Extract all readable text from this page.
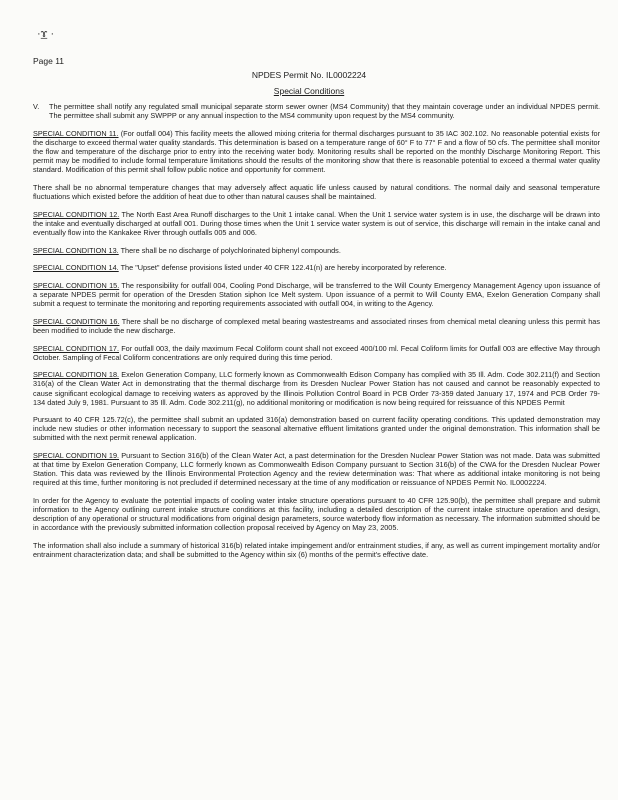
·ɤ̲ ·
Page 11
NPDES Permit No. IL0002224
Special Conditions

V.	The permittee shall notify any regulated small municipal separate storm sewer owner (MS4 Community) that they maintain coverage under an individual NPDES permit. The permittee shall submit any SWPPP or any annual inspection to the MS4 community upon request by the MS4 community.

SPECIAL CONDITION 11. (For outfall 004) This facility meets the allowed mixing criteria for thermal discharges pursuant to 35 IAC 302.102. No reasonable potential exists for the discharge to exceed thermal water quality standards. This determination is based on a temperature range of 60° F to 77° F and a flow of 50 cfs. The permittee shall monitor the flow and temperature of the discharge prior to entry into the receiving water body. Monitoring results shall be reported on the monthly Discharge Monitoring Report. This permit may be modified to include formal temperature limitations should the results of the monitoring show that there is reasonable potential to exceed a thermal water quality standard. Modification of this permit shall follow public notice and opportunity for comment.

There shall be no abnormal temperature changes that may adversely affect aquatic life unless caused by natural conditions. The normal daily and seasonal temperature fluctuations which existed before the addition of heat due to other than natural causes shall be maintained.

SPECIAL CONDITION 12. The North East Area Runoff discharges to the Unit 1 intake canal. When the Unit 1 service water system is in use, the discharge will be drawn into the intake and eventually discharged at outfall 001. During those times when the Unit 1 service water system is out of service, this discharge will remain in the intake canal and eventually flow into the Kankakee River through outfalls 005 and 006.

SPECIAL CONDITION 13. There shall be no discharge of polychlorinated biphenyl compounds.

SPECIAL CONDITION 14. The "Upset" defense provisions listed under 40 CFR 122.41(n) are hereby incorporated by reference.

SPECIAL CONDITION 15. The responsibility for outfall 004, Cooling Pond Discharge, will be transferred to the Will County Emergency Management Agency upon issuance of a separate NPDES permit for operation of the Dresden Station siphon Ice Melt system. Upon issuance of a permit to Will County EMA, Exelon Generation Company shall submit a request to terminate the monitoring and reporting requirements associated with outfall 004, in writing to the Agency.

SPECIAL CONDITION 16. There shall be no discharge of complexed metal bearing wastestreams and associated rinses from chemical metal cleaning unless this permit has been modified to include the new discharge.

SPECIAL CONDITION 17. For outfall 003, the daily maximum Fecal Coliform count shall not exceed 400/100 ml. Fecal Coliform limits for Outfall 003 are effective May through October. Sampling of Fecal Coliform concentrations are only required during this time period.

SPECIAL CONDITION 18. Exelon Generation Company, LLC formerly known as Commonwealth Edison Company has complied with 35 Ill. Adm. Code 302.211(f) and Section 316(a) of the Clean Water Act in demonstrating that the thermal discharge from its Dresden Nuclear Power Station has not caused and cannot be reasonably expected to cause significant ecological damage to receiving waters as approved by the Illinois Pollution Control Board in PCB Order 73-359 dated January 17, 1974 and PCB Order 79-134 dated July 9, 1981. Pursuant to 35 Ill. Adm. Code 302.211(g), no additional monitoring or modification is now being required for reissuance of this NPDES Permit

Pursuant to 40 CFR 125.72(c), the permittee shall submit an updated 316(a) demonstration based on current facility operating conditions. This updated demonstration may include new studies or other information necessary to support the seasonal alternative effluent limitations granted under the original demonstration. This information shall be submitted with the next permit renewal application.

SPECIAL CONDITION 19. Pursuant to Section 316(b) of the Clean Water Act, a past determination for the Dresden Nuclear Power Station was not made. Data was submitted at that time by Exelon Generation Company, LLC formerly known as Commonwealth Edison Company pursuant to Section 316(b) of the CWA for the Dresden Nuclear Power Station. This data was reviewed by the Illinois Environmental Protection Agency and the review determination was: That where as additional intake monitoring is not being required at this time, further monitoring is not precluded if determined necessary at the time of any modification or reissuance of NPDES Permit No. IL0002224.

In order for the Agency to evaluate the potential impacts of cooling water intake structure operations pursuant to 40 CFR 125.90(b), the permittee shall prepare and submit information to the Agency outlining current intake structure conditions at this facility, including a detailed description of the current intake structure operation and design, description of any operational or structural modifications from original design parameters, source waterbody flow information as necessary. The information submitted should be in accordance with the previously submitted information collection proposal received by Agency on May 23, 2005.

The information shall also include a summary of historical 316(b) related intake impingement and/or entrainment studies, if any, as well as current impingement mortality and/or entrainment characterization data; and shall be submitted to the Agency within six (6) months of the permit's effective date.
